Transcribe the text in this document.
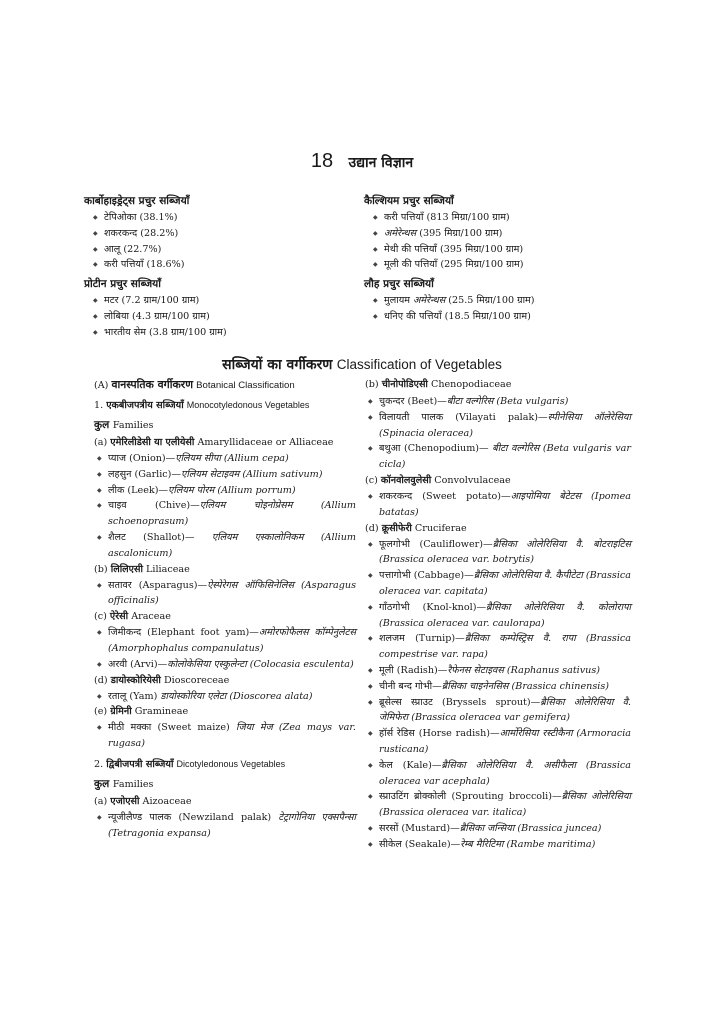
18 उद्यान विज्ञान
कार्बोहाइड्रेट्स प्रचुर सब्जियाँ
◆ टेपिओका (38.1%)
◆ शकरकन्द (28.2%)
◆ आलू (22.7%)
◆ करी पत्तियाँ (18.6%)
प्रोटीन प्रचुर सब्जियाँ
◆ मटर (7.2 ग्राम/100 ग्राम)
◆ लोबिया (4.3 ग्राम/100 ग्राम)
◆ भारतीय सेम (3.8 ग्राम/100 ग्राम)
कैल्शियम प्रचुर सब्जियाँ
◆ करी पत्तियाँ (813 मिग्रा/100 ग्राम)
◆ अमेरेन्थस (395 मिग्रा/100 ग्राम)
◆ मेथी की पत्तियाँ (395 मिग्रा/100 ग्राम)
◆ मूली की पत्तियाँ (295 मिग्रा/100 ग्राम)
लौह प्रचुर सब्जियाँ
◆ मुलायम अमेरेन्थस (25.5 मिग्रा/100 ग्राम)
◆ धनिए की पत्तियाँ (18.5 मिग्रा/100 ग्राम)
सब्जियों का वर्गीकरण Classification of Vegetables
(A) वानस्पतिक वर्गीकरण Botanical Classification
1. एकबीजपत्रीय सब्जियाँ Monocotyledonous Vegetables
कुल Families
(a) एमेरिलीडेसी या एलीयेसी Amaryllidaceae or Alliaceae
◆ प्याज (Onion)—एलियम सीपा (Allium cepa)
◆ लहसुन (Garlic)—एलियम सेटाइवम (Allium sativum)
◆ लीक (Leek)—एलियम पोरम (Allium porrum)
◆ चाइव (Chive)—एलियम चोइनोप्रेसम (Allium schoenoprasum)
◆ शैलट (Shallot)— एलियम एस्कालोनिकम (Allium ascalonicum)
(b) लिलिएसी Liliaceae
◆ सतावर (Asparagus)—ऐस्पेरेगस ऑफिसिनेलिस (Asparagus officinalis)
(c) ऐरेसी Araceae
◆ जिमीकन्द (Elephant foot yam)—अमोरफोफैलस कॉम्पेनुलेटस (Amorphophalus companulatus)
◆ अरवी (Arvi)—कोलोकेसिया एस्कुलेन्टा (Colocasia esculenta)
(d) डायोस्कोरियेसी Dioscoreceae
◆ रतालू (Yam) डायोस्कोरिया एलेटा (Dioscorea alata)
(e) ग्रेमिनी Gramineae
◆ मीठी मक्का (Sweet maize) जिया मेज (Zea mays var. rugasa)
2. द्विबीजपत्री सब्जियाँ Dicotyledonous Vegetables
कुल Families
(a) एजोएसी Aizoaceae
◆ न्यूजीलैण्ड पालक (Newziland palak) टेट्रागोनिया एक्सपैन्सा (Tetragonia expansa)
(b) चीनोपोडिएसी Chenopodiaceae
◆ चुकन्दर (Beet)—बीटा वल्गेरिस (Beta vulgaris)
◆ विलायती पालक (Vilayati palak)—स्पीनेसिया ऑलेरेसिया (Spinacia oleracea)
◆ बथुआ (Chenopodium)— बीटा वल्गेरिस (Beta vulgaris var cicla)
(c) कॉनवोलवुलेसी Convolvulaceae
◆ शकरकन्द (Sweet potato)—आइपोमिया बेटेटस (Ipomea batatas)
(d) क्रूसीफेरी Cruciferae
◆ फूलगोभी (Cauliflower)—ब्रैसिका ओलेरिसिया वै. बोटराइटिस (Brassica oleracea var. botrytis)
◆ पत्तागोभी (Cabbage)—ब्रैसिका ओलेरिसिया वै. कैपीटेटा (Brassica oleracea var. capitata)
◆ गाँठगोभी (Knol-knol)—ब्रैसिका ओलेरिसिया वै. कोलोरापा (Brassica oleracea var. caulorapa)
◆ शलजम (Turnip)—ब्रैसिका कम्पेस्ट्रिस वै. रापा (Brassica compestrise var. rapa)
◆ मूली (Radish)—रैफेनस सेटाइवस (Raphanus sativus)
◆ चीनी बन्द गोभी—ब्रैसिका चाइनेनसिस (Brassica chinensis)
◆ ब्रूसेल्स स्प्राउट (Bryssels sprout)—ब्रैसिका ओलेरिसिया वै. जेमिफेरा (Brassica oleracea var gemifera)
◆ हॉर्स रेडिस (Horse radish)—आर्मोरेसिया रस्टीकैना (Armoracia rusticana)
◆ केल (Kale)—ब्रैसिका ओलेरिसिया वै. असीफैला (Brassica oleracea var acephala)
◆ स्प्राउटिंग ब्रोक्कोली (Sprouting broccoli)—ब्रैसिका ओलेरिसिया (Brassica oleracea var. italica)
◆ सरसों (Mustard)—ब्रैसिका जन्सिया (Brassica juncea)
◆ सीकेल (Seakale)—रेम्ब मैरिटिमा (Rambe maritima)
